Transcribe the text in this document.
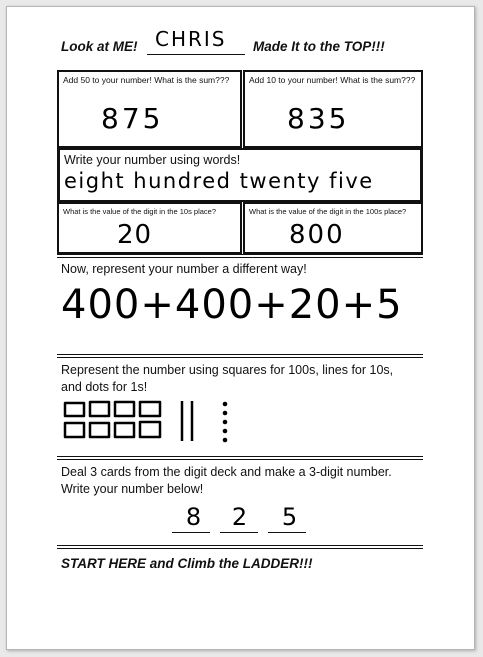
Look at ME! CHRIS Made It to the TOP!!!
Add 50 to your number! What is the sum???
875
Add 10 to your number! What is the sum???
835
Write your number using words!
eight hundred twenty five
What is the value of the digit in the 10s place?
20
What is the value of the digit in the 100s place?
800
Now, represent your number a different way!
400+400+20+5
Represent the number using squares for 100s, lines for 10s, and dots for 1s!
Deal 3 cards from the digit deck and make a 3-digit number. Write your number below!
8 2 5
START HERE and Climb the LADDER!!!
